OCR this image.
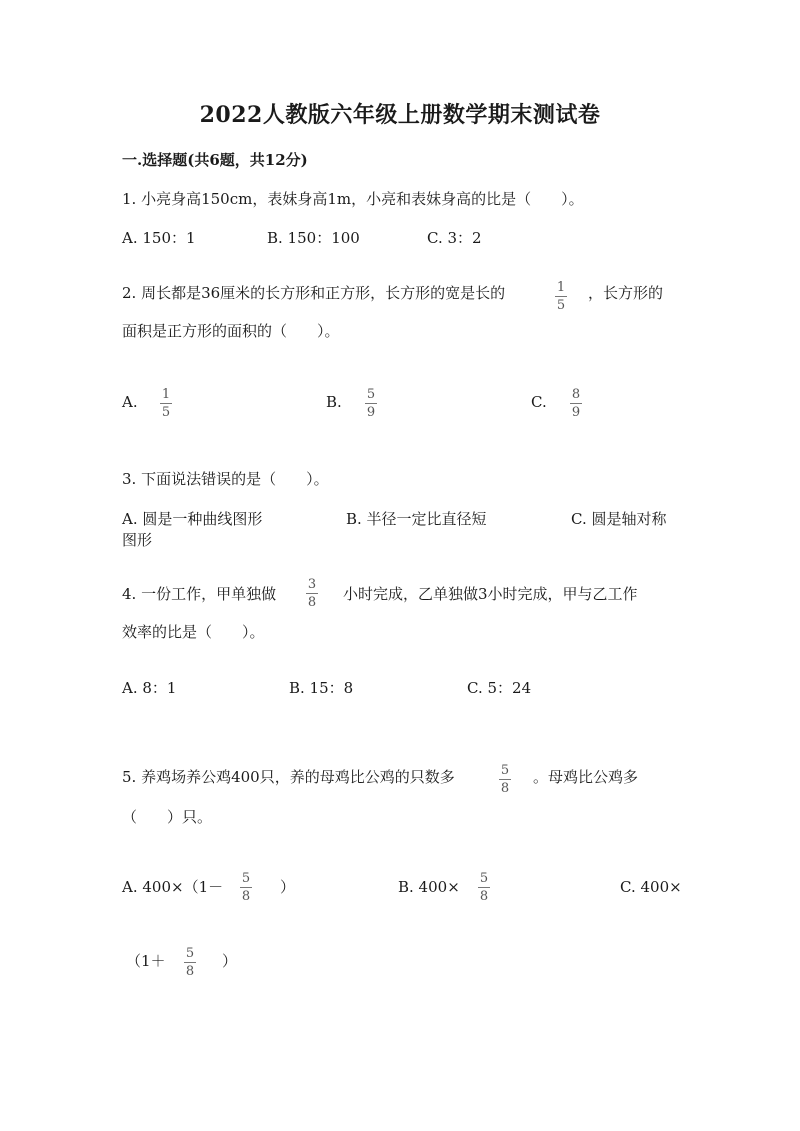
2022人教版六年级上册数学期末测试卷
一.选择题(共6题，共12分)
1. 小亮身高150cm，表妹身高1m，小亮和表妹身高的比是（　　）。
A. 150：1	B. 150：100	C. 3：2
2. 周长都是36厘米的长方形和正方形，长方形的宽是长的	1
5
，长方形的
面积是正方形的面积的（　　）。
A. 1
5
B. 5
9
C. 8
9
3. 下面说法错误的是（　　）。
A. 圆是一种曲线图形	B. 半径一定比直径短	C. 圆是轴对称
图形
4. 一份工作，甲单独做
3
8 小时完成，乙单独做3小时完成，甲与乙工作
效率的比是（　　）。
A. 8：1	B. 15：8	C. 5：24
5. 养鸡场养公鸡400只，养的母鸡比公鸡的只数多	5
8
。母鸡比公鸡多
（　　）只。
A. 400×（1－ 5
8
）	B. 400× 5
8
C. 400×
（1＋ 5
8
）
